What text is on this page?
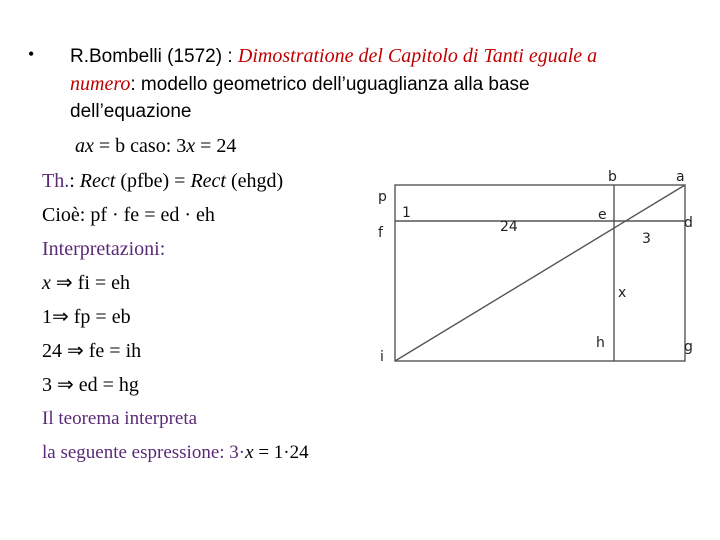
• R.Bombelli (1572) : Dimostratione del Capitolo di Tanti eguale a
numero: modello geometrico dell’uguaglianza alla base
dell’equazione
ax = b caso: 3x = 24
Th.: Rect (pfbe) = Rect (ehgd)
Cioè: pf · fe = ed · eh
Interpretazioni:
x ⇒ fi = eh
1⇒ fp = eb
24 ⇒ fe = ih
3 ⇒ ed = hg
Il teorema interpreta
la seguente espressione: 3·x = 1·24
p
f
i
b	a
d
e
g
h
1
24
3
x
